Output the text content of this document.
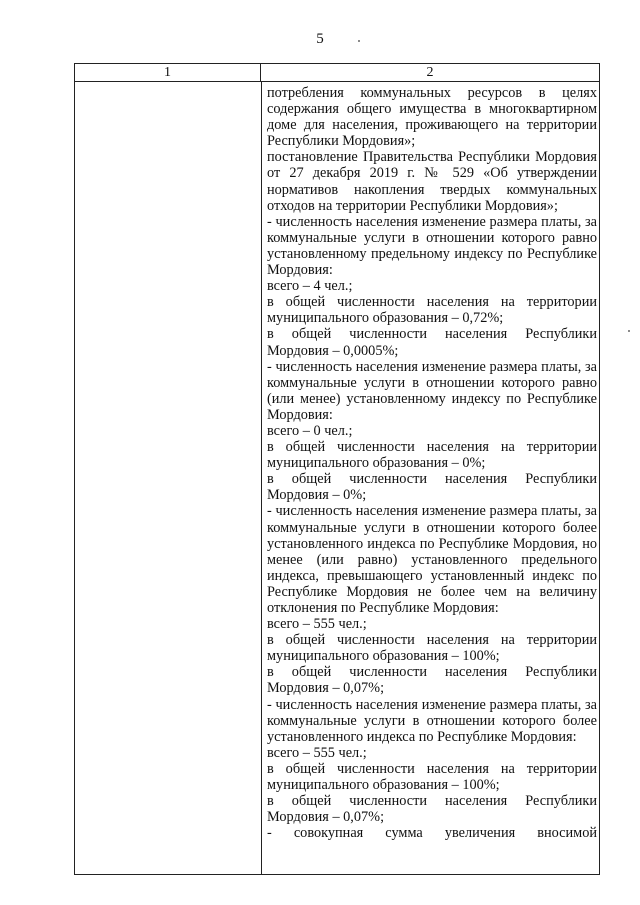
5
1	2
потребления коммунальных ресурсов в целях
содержания общего имущества в многоквартирном
доме для населения, проживающего на территории
Республики Мордовия»;
постановление Правительства Республики Мордовия
от 27 декабря 2019 г. № 529 «Об утверждении
нормативов накопления твердых коммунальных
отходов на территории Республики Мордовия»;
- численность населения изменение размера платы, за
коммунальные услуги в отношении которого равно
установленному предельному индексу по Республике
Мордовия:
всего – 4 чел.;
в общей численности населения на территории
муниципального образования – 0,72%;
в общей численности населения Республики
Мордовия – 0,0005%;
- численность населения изменение размера платы, за
коммунальные услуги в отношении которого равно
(или менее) установленному индексу по Республике
Мордовия:
всего – 0 чел.;
в общей численности населения на территории
муниципального образования – 0%;
в общей численности населения Республики
Мордовия – 0%;
- численность населения изменение размера платы, за
коммунальные услуги в отношении которого более
установленного индекса по Республике Мордовия, но
менее (или равно) установленного предельного
индекса, превышающего установленный индекс по
Республике Мордовия не более чем на величину
отклонения по Республике Мордовия:
всего – 555 чел.;
в общей численности населения на территории
муниципального образования – 100%;
в общей численности населения Республики
Мордовия – 0,07%;
- численность населения изменение размера платы, за
коммунальные услуги в отношении которого более
установленного индекса по Республике Мордовия:
всего – 555 чел.;
в общей численности населения на территории
муниципального образования – 100%;
в общей численности населения Республики
Мордовия – 0,07%;
- совокупная сумма увеличения вносимой
